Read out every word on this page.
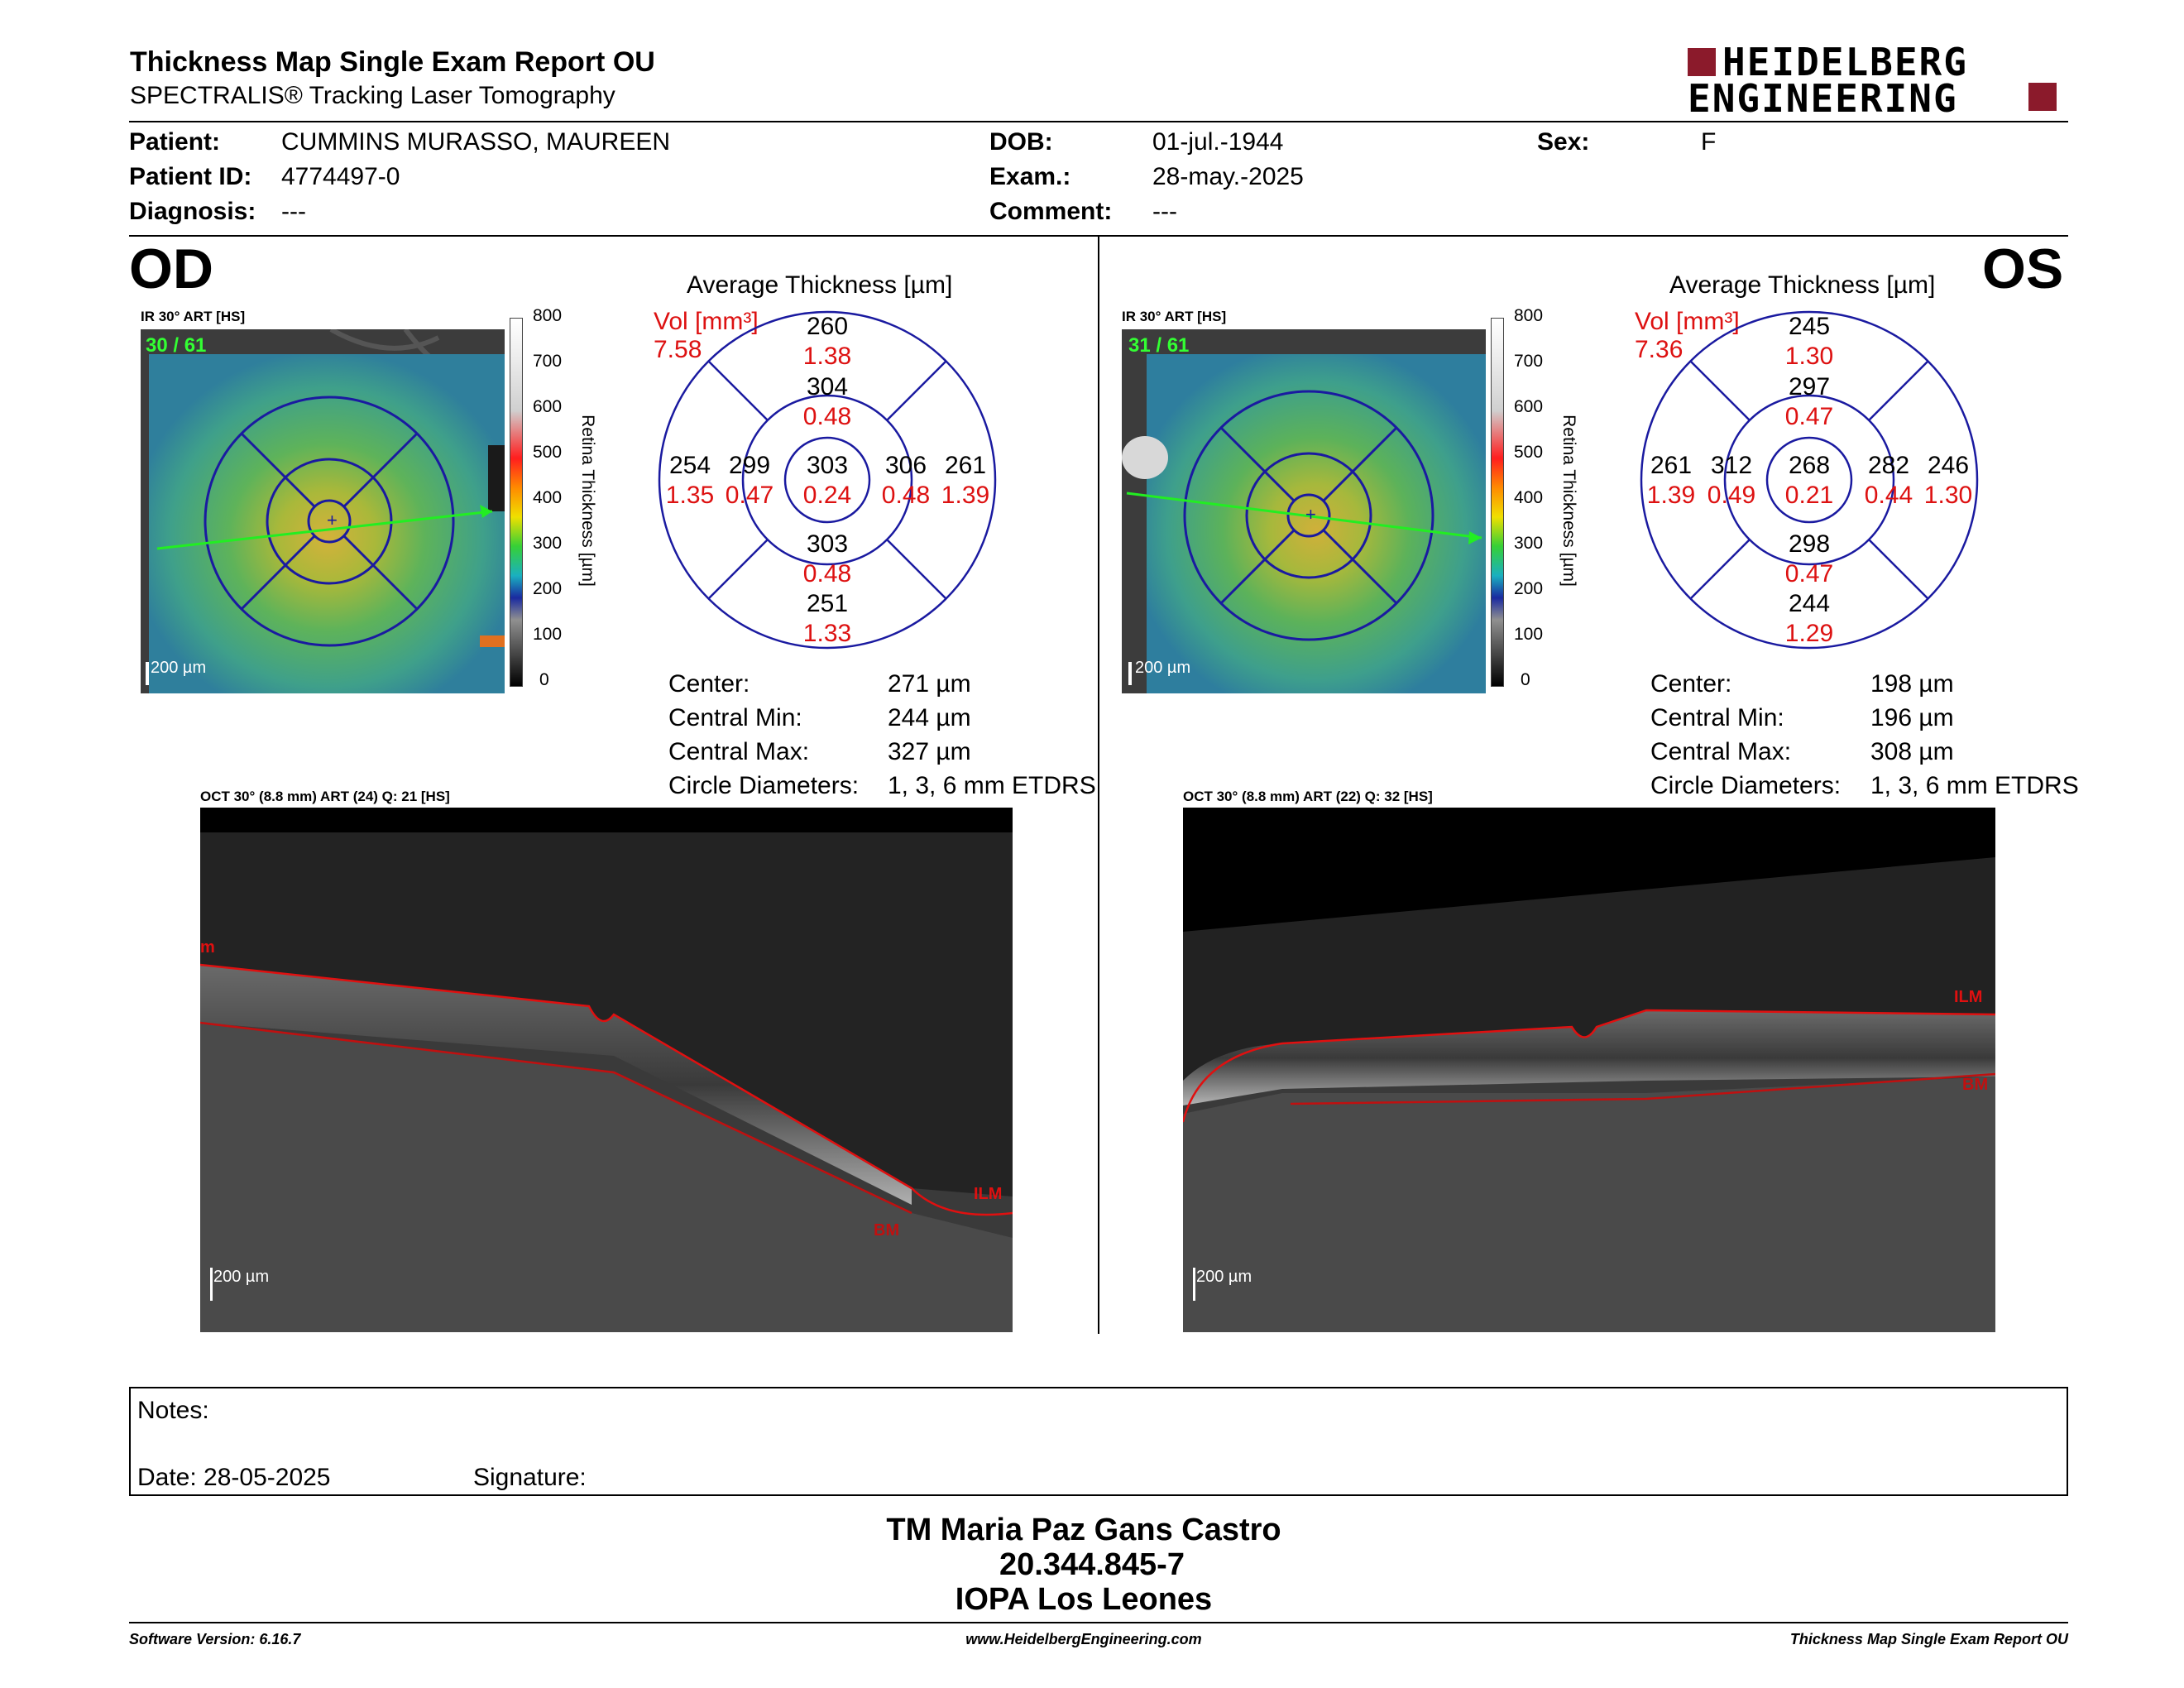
Thickness Map Single Exam Report OU
SPECTRALIS® Tracking Laser Tomography
HEIDELBERG
ENGINEERING
Patient: CUMMINS MURASSO, MAUREEN
Patient ID: 4774497-0
Diagnosis: ---
DOB:	01-jul.-1944
Exam.:	28-may.-2025
Comment: ---
Sex:	F
OD
IR 30° ART [HS]
+
30 / 61
200 µm
800
700
600
500
400
300
200
100
0
Retina Thickness [µm]
Average Thickness [µm]
Vol [mm³]
7.58
260
1.38
304
0.48
303
0.24
303
0.48
251
1.33
254
1.35
299
0.47
306
0.48
261
1.39
Center:	271 µm
Central Min:	244 µm
Central Max:	327 µm
Circle Diameters: 1, 3, 6 mm ETDRS
OCT 30° (8.8 mm) ART (24) Q: 21 [HS]
m
ILM
BM
200 µm
OS
IR 30° ART [HS]
+
31 / 61
200 µm
800
700
600
500
400
300
200
100
0
Retina Thickness [µm]
Average Thickness [µm]
Vol [mm³]
7.36
245
1.30
297
0.47
268
0.21
298
0.47
244
1.29
261
1.39
312
0.49
282
0.44
246
1.30
Center:	198 µm
Central Min:	196 µm
Central Max:	308 µm
Circle Diameters: 1, 3, 6 mm ETDRS
OCT 30° (8.8 mm) ART (22) Q: 32 [HS]
ILM
BM
200 µm
Notes:
Date: 28-05-2025	Signature:
TM Maria Paz Gans Castro
20.344.845-7
IOPA Los Leones
Software Version: 6.16.7	www.HeidelbergEngineering.com	Thickness Map Single Exam Report OU
